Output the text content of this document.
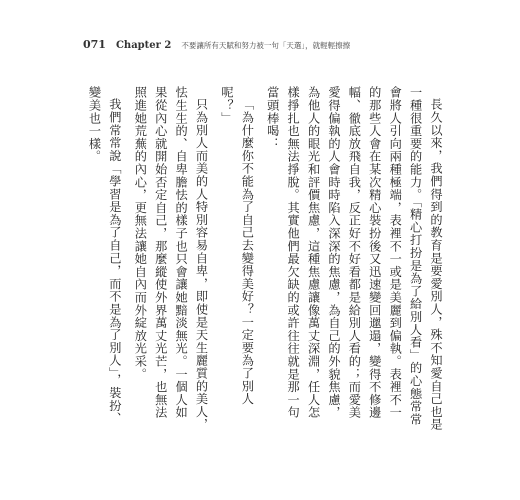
071 Chapter 2 不要讓所有天賦和努力被一句「天選」，就輕輕擦擦

長久以來，我們得到的教育是要愛別人，殊不知愛自己也是一種很重要的能力。「精心打扮是為了給別人看」的心態常常會將人引向兩種極端，表裡不一或是美麗到偏執。表裡不一的那些人會在某次精心裝扮後又迅速變回邋遢，變得不修邊幅、徹底放飛自我，反正好不好看都是給別人看的；而愛美愛得偏執的人會時時陷入深深的焦慮，為自己的外貌焦慮，為他人的眼光和評價焦慮，這種焦慮讓像萬丈深淵，任人怎樣掙扎也無法掙脫。其實他們最欠缺的或許往往就是那一句當頭棒喝：

「為什麼你不能為了自己去變得美好？一定要為了別人呢？」

只為別人而美的人特別容易自卑，即使是天生麗質的美人，怯生生的、自卑膽怯的樣子也只會讓她黯淡無光。一個人如果從內心就開始否定自己，那麼縱使外界萬丈光芒，也無法照進她荒蕪的內心，更無法讓她自內而外綻放光采。

我們常常說「學習是為了自己，而不是為了別人」，裝扮、變美也一樣。
